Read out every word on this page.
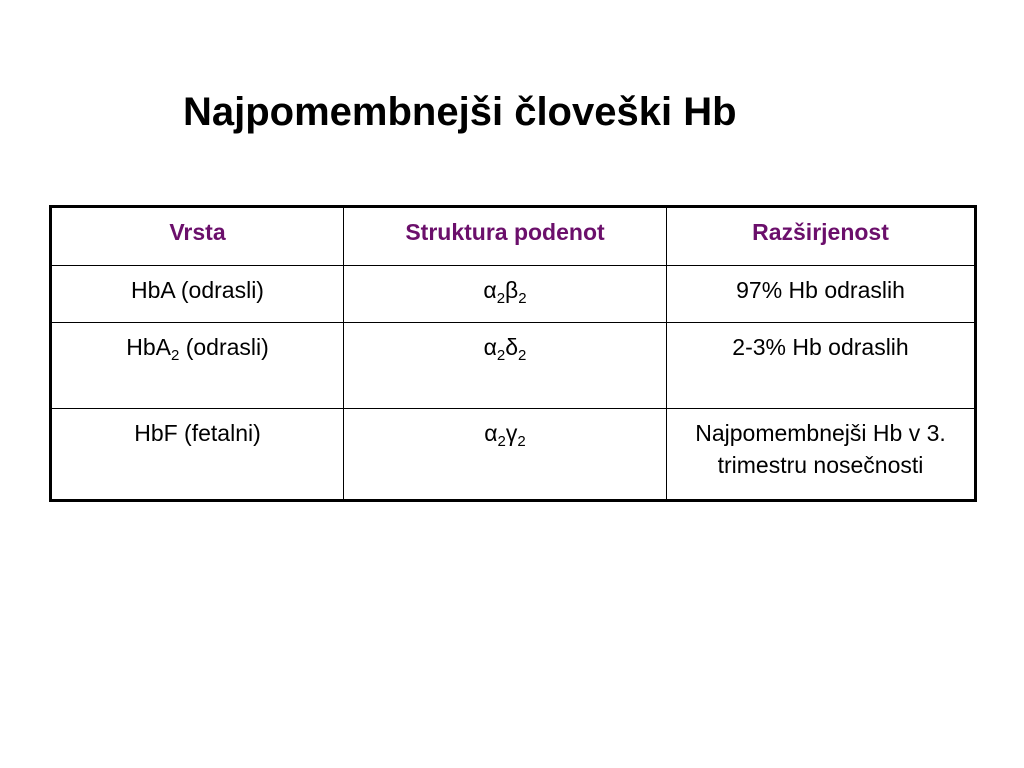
Najpomembnejši človeški Hb
Vrsta	Struktura podenot	Razširjenost
HbA (odrasli)	$\alpha_2\beta_2$	97% Hb odraslih
HbA$_2$ (odrasli)	$\alpha_2\delta_2$	2-3% Hb odraslih
HbF (fetalni)	$\alpha_2\gamma_2$	Najpomembnejši Hb v 3. trimestru nosečnosti
